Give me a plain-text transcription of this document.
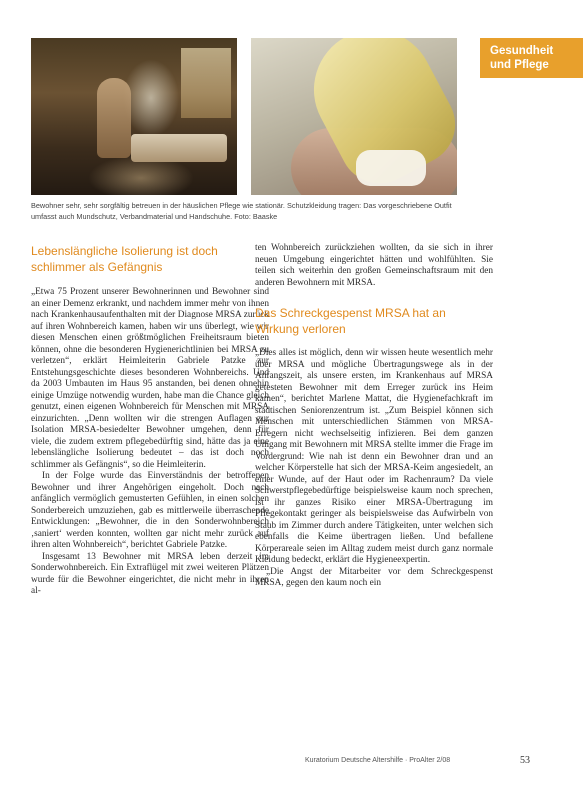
Gesundheit
und Pflege
Bewohner sehr, sehr sorgfältig betreuen in der häuslichen Pflege wie stationär. Schutzkleidung tragen: Das vorgeschriebene Outfit umfasst auch Mundschutz, Verbandmaterial und Handschuhe. Foto: Baaske
Lebenslängliche Isolierung ist doch schlimmer als Gefängnis

„Etwa 75 Prozent unserer Bewohnerinnen und Bewohner sind an einer Demenz erkrankt, und nachdem immer mehr von ihnen nach Krankenhausaufenthalten mit der Diagnose MRSA zurück auf ihren Wohnbereich kamen, haben wir uns überlegt, wie wir diesen Menschen einen größtmöglichen Freiheitsraum bieten können, ohne die besonderen Hygienerichtlinien bei MRSA zu verletzen“, erklärt Heimleiterin Gabriele Patzke zur Entstehungsgeschichte dieses besonderen Wohnbereichs. Und da 2003 Umbauten im Haus 95 anstanden, bei denen ohnehin einige Umzüge notwendig wurden, habe man die Chance gleich genutzt, einen eigenen Wohnbereich für Menschen mit MRSA einzurichten. „Denn wollten wir die strengen Auflagen zur Isolation MRSA-besiedelter Bewohner umgehen, denn für viele, die zudem extrem pflegebedürftig sind, hätte das ja eine lebenslängliche Isolierung bedeutet – das ist doch noch schlimmer als Gefängnis“, so die Heimleiterin.

In der Folge wurde das Einverständnis der betroffenen Bewohner und ihrer Angehörigen eingeholt. Doch nach anfänglich vermöglich gemusterten Gefühlen, in einen solchen Sonderbereich umzuziehen, gab es mittlerweile überraschende Entwicklungen: „Bewohner, die in den Sonderwohnbereich ‚saniert‘ werden konnten, wollten gar nicht mehr zurück auf ihren alten Wohnbereich“, berichtet Gabriele Patzke.

Insgesamt 13 Bewohner mit MRSA leben derzeit im Sonderwohnbereich. Ein Extraflügel mit zwei weiteren Plätzen wurde für die Bewohner eingerichtet, die nicht mehr in ihren al-

ten Wohnbereich zurückziehen wollten, da sie sich in ihrer neuen Umgebung eingerichtet hätten und wohlfühlten. Sie teilen sich weiterhin den großen Gemeinschaftsraum mit den anderen Bewohnern mit MRSA.

Das Schreckgespenst MRSA hat an Wirkung verloren

„Dies alles ist möglich, denn wir wissen heute wesentlich mehr über MRSA und mögliche Übertragungswege als in der Anfangszeit, als unsere ersten, im Krankenhaus auf MRSA getesteten Bewohner mit dem Erreger zurück ins Heim kamen“, berichtet Marlene Mattat, die Hygienefachkraft im städtischen Seniorenzentrum ist. „Zum Beispiel können sich Menschen mit unterschiedlichen Stämmen von MRSA-Erregern nicht wechselseitig infizieren. Bei dem ganzen Umgang mit Bewohnern mit MRSA stellte immer die Frage im Vordergrund: Wie nah ist denn ein Bewohner dran und an welcher Körperstelle hat sich der MRSA-Keim angesiedelt, an einer Wunde, auf der Haut oder im Rachenraum? Da viele Schwerstpflegebedürftige beispielsweise kaum noch sprechen, ist ihr ganzes Risiko einer MRSA-Übertragung im Pflegekontakt geringer als beispielsweise das Aufwirbeln von Staub im Zimmer durch andere Tätigkeiten, unter welchen sich ebenfalls die Keime übertragen ließen. Und befallene Körperareale seien im Alltag zudem meist durch ganz normale Kleidung bedeckt, erklärt die Hygieneexpertin.

„Die Angst der Mitarbeiter vor dem Schreckgespenst MRSA, gegen den kaum noch ein

Kuratorium Deutsche Altershilfe · ProAlter 2/08	53
